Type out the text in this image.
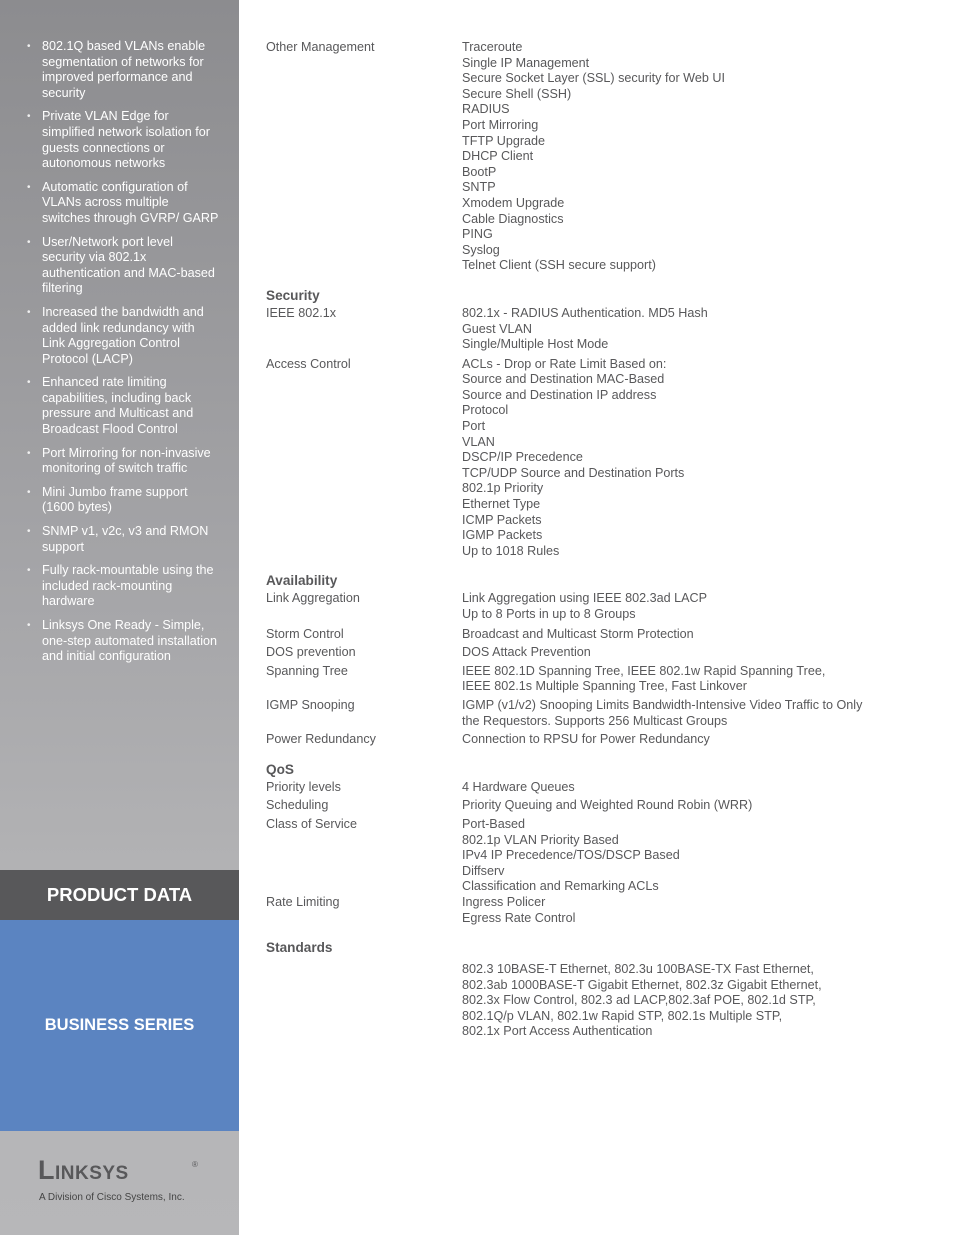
• 802.1Q based VLANs enable segmentation of networks for improved performance and security
• Private VLAN Edge for simplified network isolation for guests connections or autonomous networks
• Automatic configuration of VLANs across multiple switches through GVRP/ GARP
• User/Network port level security via 802.1x authentication and MAC-based filtering
• Increased the bandwidth and added link redundancy with Link Aggregation Control Protocol (LACP)
• Enhanced rate limiting capabilities, including back pressure and Multicast and Broadcast Flood Control
• Port Mirroring for non-invasive monitoring of switch traffic
• Mini Jumbo frame support (1600 bytes)
• SNMP v1, v2c, v3 and RMON support
• Fully rack-mountable using the included rack-mounting hardware
• Linksys One Ready - Simple, one-step automated installation and initial configuration
PRODUCT DATA
BUSINESS SERIES
Linksys	®
A Division of Cisco Systems, Inc.
Other Management	Traceroute
Single IP Management
Secure Socket Layer (SSL) security for Web UI
Secure Shell (SSH)
RADIUS
Port Mirroring
TFTP Upgrade
DHCP Client
BootP
SNTP
Xmodem Upgrade
Cable Diagnostics
PING
Syslog
Telnet Client (SSH secure support)
Security
IEEE 802.1x	802.1x - RADIUS Authentication. MD5 Hash
Guest VLAN
Single/Multiple Host Mode
Access Control	ACLs - Drop or Rate Limit Based on:
Source and Destination MAC-Based
Source and Destination IP address
Protocol
Port
VLAN
DSCP/IP Precedence
TCP/UDP Source and Destination Ports
802.1p Priority
Ethernet Type
ICMP Packets
IGMP Packets
Up to 1018 Rules
Availability
Link Aggregation	Link Aggregation using IEEE 802.3ad LACP
Up to 8 Ports in up to 8 Groups
Storm Control	Broadcast and Multicast Storm Protection
DOS prevention	DOS Attack Prevention
Spanning Tree	IEEE 802.1D Spanning Tree, IEEE 802.1w Rapid Spanning Tree,
IEEE 802.1s Multiple Spanning Tree, Fast Linkover
IGMP Snooping	IGMP (v1/v2) Snooping Limits Bandwidth-Intensive Video Traffic to Only
the Requestors. Supports 256 Multicast Groups
Power Redundancy	Connection to RPSU for Power Redundancy
QoS
Priority levels	4 Hardware Queues
Scheduling	Priority Queuing and Weighted Round Robin (WRR)
Class of Service	Port-Based
802.1p VLAN Priority Based
IPv4 IP Precedence/TOS/DSCP Based
Diffserv
Classification and Remarking ACLs
Rate Limiting	Ingress Policer
Egress Rate Control
Standards
802.3 10BASE-T Ethernet, 802.3u 100BASE-TX Fast Ethernet,
802.3ab 1000BASE-T Gigabit Ethernet, 802.3z Gigabit Ethernet,
802.3x Flow Control, 802.3 ad LACP,802.3af POE, 802.1d STP,
802.1Q/p VLAN, 802.1w Rapid STP, 802.1s Multiple STP,
802.1x Port Access Authentication
